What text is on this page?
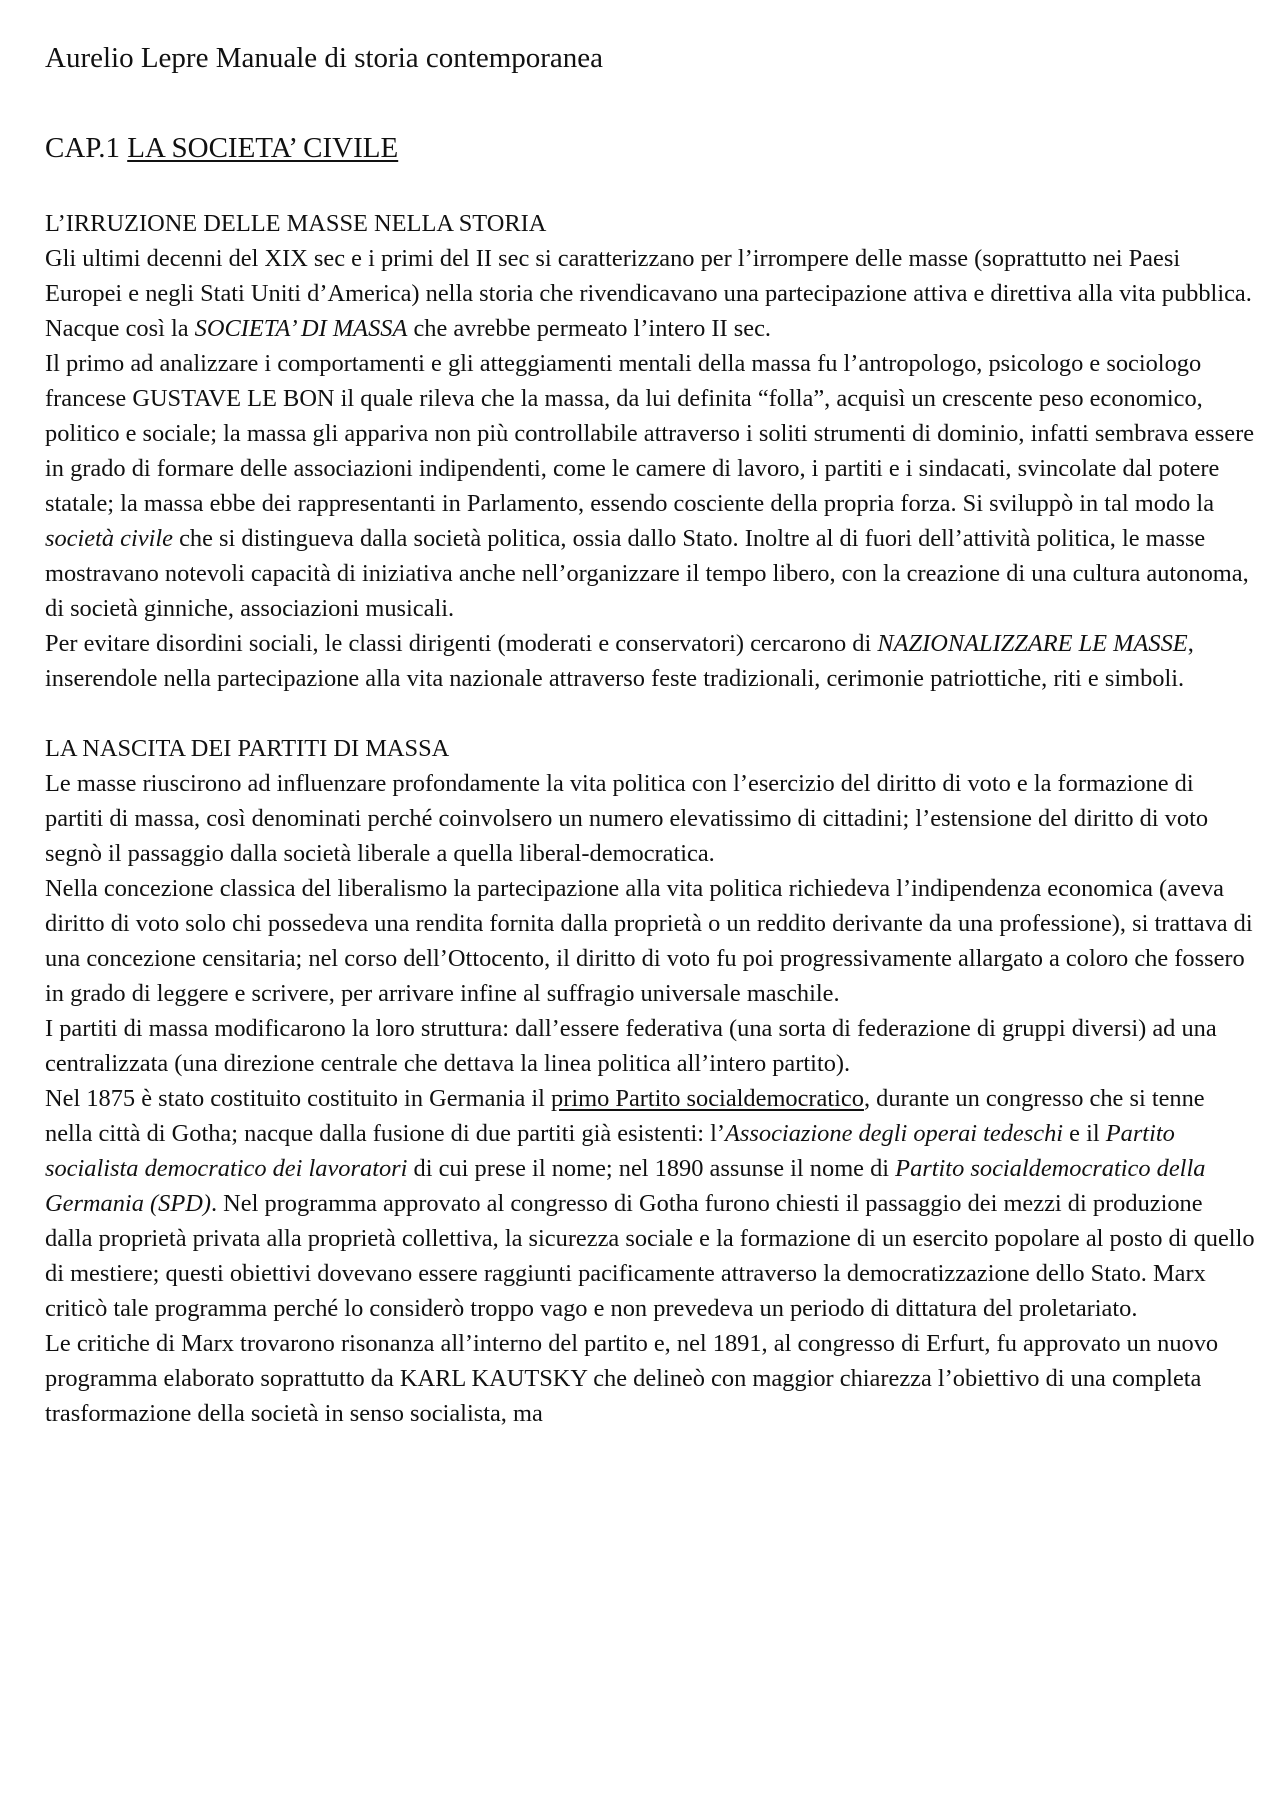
Aurelio Lepre Manuale di storia contemporanea
CAP.1 LA SOCIETA’ CIVILE
L’IRRUZIONE DELLE MASSE NELLA STORIA

Gli ultimi decenni del XIX sec e i primi del II sec si caratterizzano per l’irrompere delle masse (soprattutto nei Paesi Europei e negli Stati Uniti d’America) nella storia che rivendicavano una partecipazione attiva e direttiva alla vita pubblica. Nacque così la SOCIETA’ DI MASSA che avrebbe permeato l’intero II sec.

Il primo ad analizzare i comportamenti e gli atteggiamenti mentali della massa fu l’antropologo, psicologo e sociologo francese GUSTAVE LE BON il quale rileva che la massa, da lui definita “folla”, acquisì un crescente peso economico, politico e sociale; la massa gli appariva non più controllabile attraverso i soliti strumenti di dominio, infatti sembrava essere in grado di formare delle associazioni indipendenti, come le camere di lavoro, i partiti e i sindacati, svincolate dal potere statale; la massa ebbe dei rappresentanti in Parlamento, essendo cosciente della propria forza. Si sviluppò in tal modo la società civile che si distingueva dalla società politica, ossia dallo Stato. Inoltre al di fuori dell’attività politica, le masse mostravano notevoli capacità di iniziativa anche nell’organizzare il tempo libero, con la creazione di una cultura autonoma, di società ginniche, associazioni musicali.

Per evitare disordini sociali, le classi dirigenti (moderati e conservatori) cercarono di NAZIONALIZZARE LE MASSE, inserendole nella partecipazione alla vita nazionale attraverso feste tradizionali, cerimonie patriottiche, riti e simboli.

LA NASCITA DEI PARTITI DI MASSA

Le masse riuscirono ad influenzare profondamente la vita politica con l’esercizio del diritto di voto e la formazione di partiti di massa, così denominati perché coinvolsero un numero elevatissimo di cittadini; l’estensione del diritto di voto segnò il passaggio dalla società liberale a quella liberal-democratica.

Nella concezione classica del liberalismo la partecipazione alla vita politica richiedeva l’indipendenza economica (aveva diritto di voto solo chi possedeva una rendita fornita dalla proprietà o un reddito derivante da una professione), si trattava di una concezione censitaria; nel corso dell’Ottocento, il diritto di voto fu poi progressivamente allargato a coloro che fossero in grado di leggere e scrivere, per arrivare infine al suffragio universale maschile.

I partiti di massa modificarono la loro struttura: dall’essere federativa (una sorta di federazione di gruppi diversi) ad una centralizzata (una direzione centrale che dettava la linea politica all’intero partito).

Nel 1875 è stato costituito costituito in Germania il primo Partito socialdemocratico, durante un congresso che si tenne nella città di Gotha; nacque dalla fusione di due partiti già esistenti: l’Associazione degli operai tedeschi e il Partito socialista democratico dei lavoratori di cui prese il nome; nel 1890 assunse il nome di Partito socialdemocratico della Germania (SPD). Nel programma approvato al congresso di Gotha furono chiesti il passaggio dei mezzi di produzione dalla proprietà privata alla proprietà collettiva, la sicurezza sociale e la formazione di un esercito popolare al posto di quello di mestiere; questi obiettivi dovevano essere raggiunti pacificamente attraverso la democratizzazione dello Stato. Marx criticò tale programma perché lo considerò troppo vago e non prevedeva un periodo di dittatura del proletariato.

Le critiche di Marx trovarono risonanza all’interno del partito e, nel 1891, al congresso di Erfurt, fu approvato un nuovo programma elaborato soprattutto da KARL KAUTSKY che delineò con maggior chiarezza l’obiettivo di una completa trasformazione della società in senso socialista, ma
